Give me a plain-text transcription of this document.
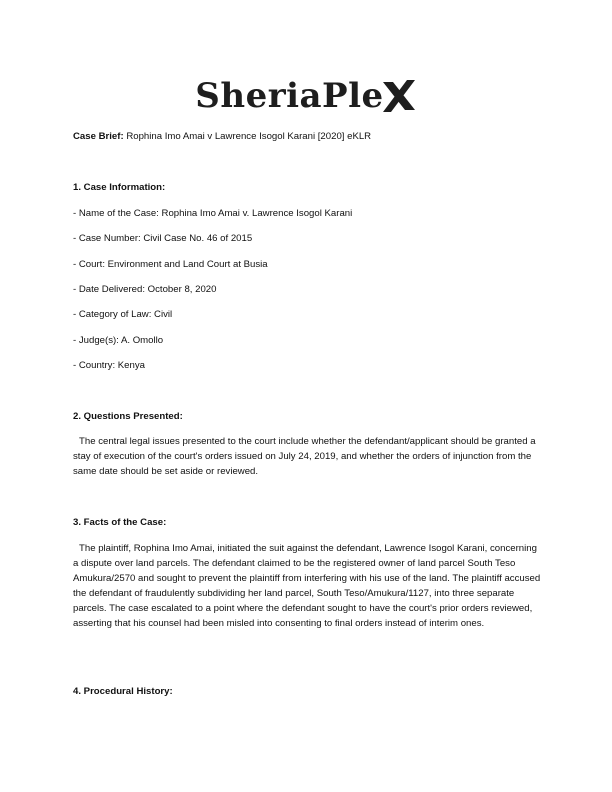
SheriaPle
Case Brief: Rophina Imo Amai v Lawrence Isogol Karani [2020] eKLR
1. Case Information:
- Name of the Case: Rophina Imo Amai v. Lawrence Isogol Karani
- Case Number: Civil Case No. 46 of 2015
- Court: Environment and Land Court at Busia
- Date Delivered: October 8, 2020
- Category of Law: Civil
- Judge(s): A. Omollo
- Country: Kenya
2. Questions Presented:
The central legal issues presented to the court include whether the defendant/applicant should be granted a stay of execution of the court's orders issued on July 24, 2019, and whether the orders of injunction from the same date should be set aside or reviewed.
3. Facts of the Case:
The plaintiff, Rophina Imo Amai, initiated the suit against the defendant, Lawrence Isogol Karani, concerning a dispute over land parcels. The defendant claimed to be the registered owner of land parcel South Teso Amukura/2570 and sought to prevent the plaintiff from interfering with his use of the land. The plaintiff accused the defendant of fraudulently subdividing her land parcel, South Teso/Amukura/1127, into three separate parcels. The case escalated to a point where the defendant sought to have the court's prior orders reviewed, asserting that his counsel had been misled into consenting to final orders instead of interim ones.
4. Procedural History:
